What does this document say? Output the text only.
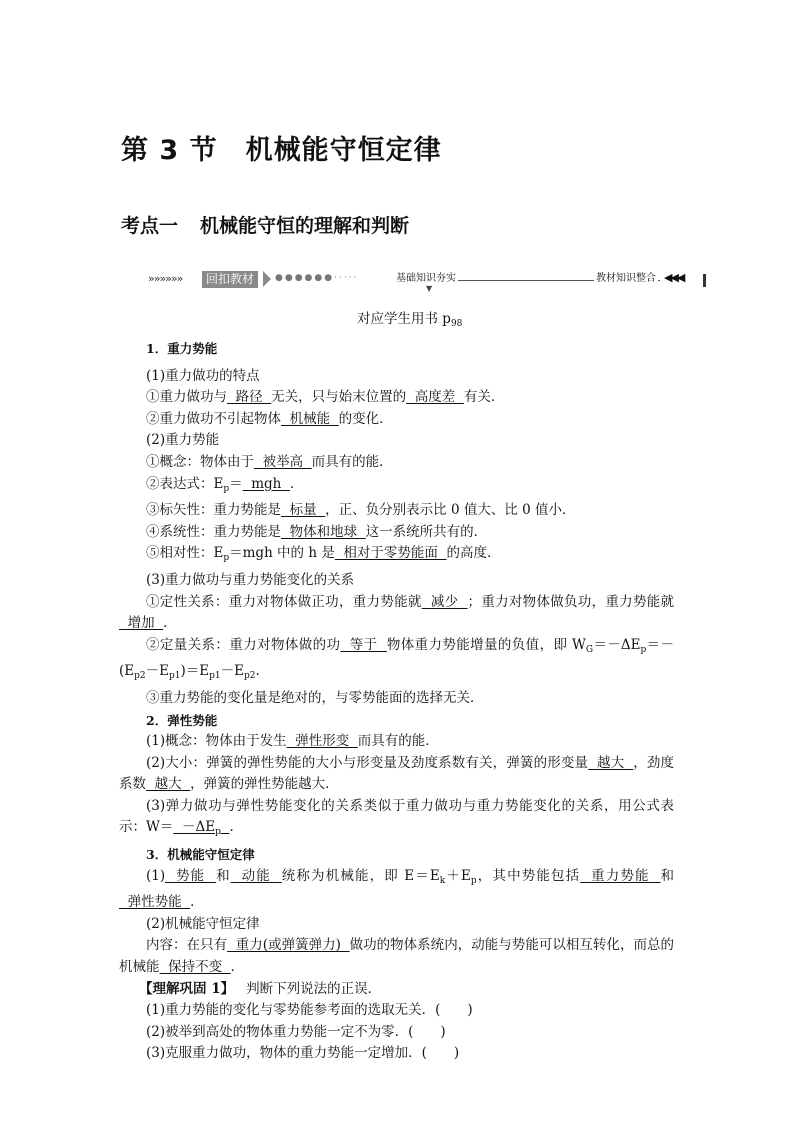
第 3 节 机械能守恒定律
考点一 机械能守恒的理解和判断
»»»»»»	回扣教材	●●●●●●·····	基础知识夯实
▼
教材知识整合 ◀◀◀
对应学生用书 $p_{98}$

1．重力势能

(1)重力做功的特点

①重力做功与  路径  无关，只与始末位置的  高度差  有关．

②重力做功不引起物体  机械能  的变化．

(2)重力势能

①概念：物体由于  被举高  而具有的能．

②表达式：$E_p=$  mgh  ．

③标矢性：重力势能是  标量  ，正、负分别表示比 0 值大、比 0 值小．

④系统性：重力势能是  物体和地球  这一系统所共有的．

⑤相对性：$E_p=mgh$ 中的 h 是  相对于零势能面  的高度．

(3)重力做功与重力势能变化的关系

①定性关系：重力对物体做正功，重力势能就  减少  ；重力对物体做负功，重力势能就  增加  ．

②定量关系：重力对物体做的功  等于  物体重力势能增量的负值，即 $W_G=-\Delta E_p=-(E_{p2}-E_{p1})=E_{p1}-E_{p2}$.

③重力势能的变化量是绝对的，与零势能面的选择无关．

2．弹性势能

(1)概念：物体由于发生  弹性形变  而具有的能．

(2)大小：弹簧的弹性势能的大小与形变量及劲度系数有关，弹簧的形变量  越大  ，劲度系数  越大  ，弹簧的弹性势能越大．

(3)弹力做功与弹性势能变化的关系类似于重力做功与重力势能变化的关系，用公式表示：$W= -\Delta E_p$ ．

3．机械能守恒定律

(1)  势能  和  动能  统称为机械能，即 $E=E_k+E_p$，其中势能包括  重力势能  和  弹性势能  ．

(2)机械能守恒定律

内容：在只有  重力(或弹簧弹力)  做功的物体系统内，动能与势能可以相互转化，而总的机械能  保持不变  ．

【理解巩固 1】 判断下列说法的正误．

(1)重力势能的变化与零势能参考面的选取无关．(　　)

(2)被举到高处的物体重力势能一定不为零．(　　)

(3)克服重力做功，物体的重力势能一定增加．(　　)
